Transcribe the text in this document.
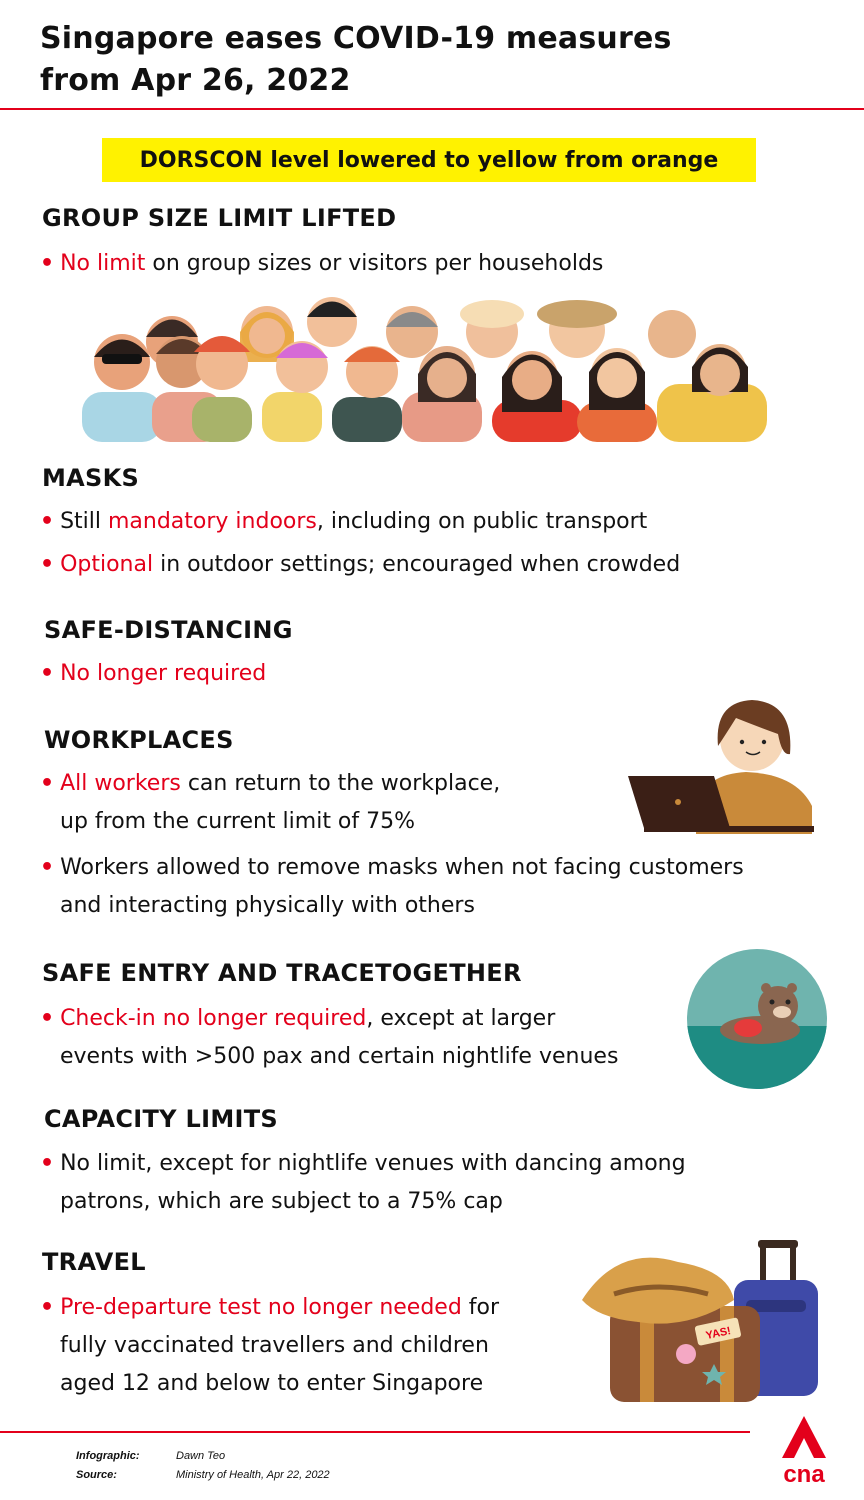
Singapore eases COVID-19 measures
from Apr 26, 2022
DORSCON level lowered to yellow from orange
GROUP SIZE LIMIT LIFTED
• No limit on group sizes or visitors per households
MASKS
• Still mandatory indoors, including on public transport
• Optional in outdoor settings; encouraged when crowded
SAFE-DISTANCING
• No longer required
WORKPLACES
• All workers can return to the workplace,
up from the current limit of 75%
• Workers allowed to remove masks when not facing customers
and interacting physically with others
SAFE ENTRY AND TRACETOGETHER
• Check-in no longer required, except at larger
events with >500 pax and certain nightlife venues
CAPACITY LIMITS
• No limit, except for nightlife venues with dancing among
patrons, which are subject to a 75% cap
TRAVEL
• Pre-departure test no longer needed for
fully vaccinated travellers and children
aged 12 and below to enter Singapore
YAS!
Infographic:	Dawn Teo
Source:	Ministry of Health, Apr 22, 2022	cna
